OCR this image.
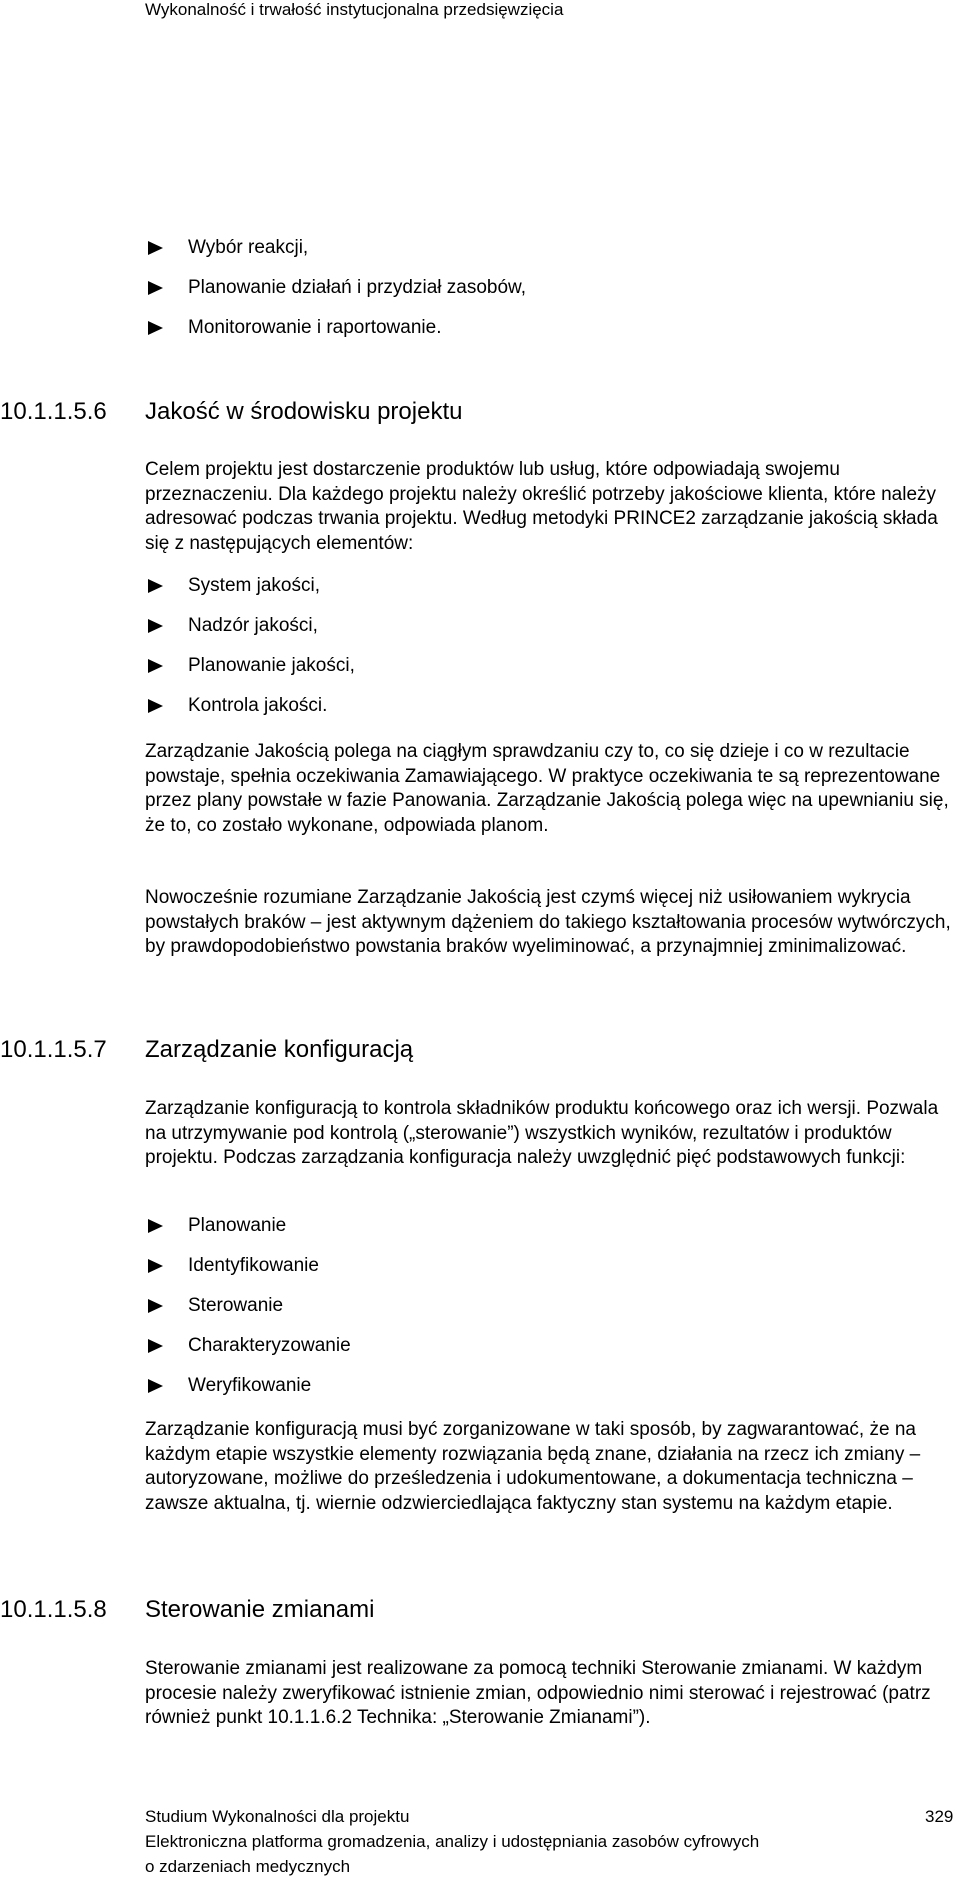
Wykonalność i trwałość instytucjonalna przedsięwzięcia
Wybór reakcji,
Planowanie działań i przydział zasobów,
Monitorowanie i raportowanie.
10.1.1.5.6 Jakość w środowisku projektu

Celem projektu jest dostarczenie produktów lub usług, które odpowiadają swojemu przeznaczeniu. Dla każdego projektu należy określić potrzeby jakościowe klienta, które należy adresować podczas trwania projektu. Według metodyki PRINCE2 zarządzanie jakością składa się z następujących elementów:

System jakości,
Nadzór jakości,
Planowanie jakości,
Kontrola jakości.

Zarządzanie Jakością polega na ciągłym sprawdzaniu czy to, co się dzieje i co w rezultacie powstaje, spełnia oczekiwania Zamawiającego. W praktyce oczekiwania te są reprezentowane przez plany powstałe w fazie Panowania. Zarządzanie Jakością polega więc na upewnianiu się, że to, co zostało wykonane, odpowiada planom.

Nowocześnie rozumiane Zarządzanie Jakością jest czymś więcej niż usiłowaniem wykrycia powstałych braków – jest aktywnym dążeniem do takiego kształtowania procesów wytwórczych, by prawdopodobieństwo powstania braków wyeliminować, a przynajmniej zminimalizować.

10.1.1.5.7 Zarządzanie konfiguracją

Zarządzanie konfiguracją to kontrola składników produktu końcowego oraz ich wersji. Pozwala na utrzymywanie pod kontrolą („sterowanie”) wszystkich wyników, rezultatów i produktów projektu. Podczas zarządzania konfiguracja należy uwzględnić pięć podstawowych funkcji:

Planowanie
Identyfikowanie
Sterowanie
Charakteryzowanie
Weryfikowanie

Zarządzanie konfiguracją musi być zorganizowane w taki sposób, by zagwarantować, że na każdym etapie wszystkie elementy rozwiązania będą znane, działania na rzecz ich zmiany – autoryzowane, możliwe do prześledzenia i udokumentowane, a dokumentacja techniczna – zawsze aktualna, tj. wiernie odzwierciedlająca faktyczny stan systemu na każdym etapie.

10.1.1.5.8 Sterowanie zmianami

Sterowanie zmianami jest realizowane za pomocą techniki Sterowanie zmianami. W każdym procesie należy zweryfikować istnienie zmian, odpowiednio nimi sterować i rejestrować (patrz również punkt 10.1.1.6.2 Technika: „Sterowanie Zmianami”).

Studium Wykonalności dla projektu
Elektroniczna platforma gromadzenia, analizy i udostępniania zasobów cyfrowych
o zdarzeniach medycznych
329
